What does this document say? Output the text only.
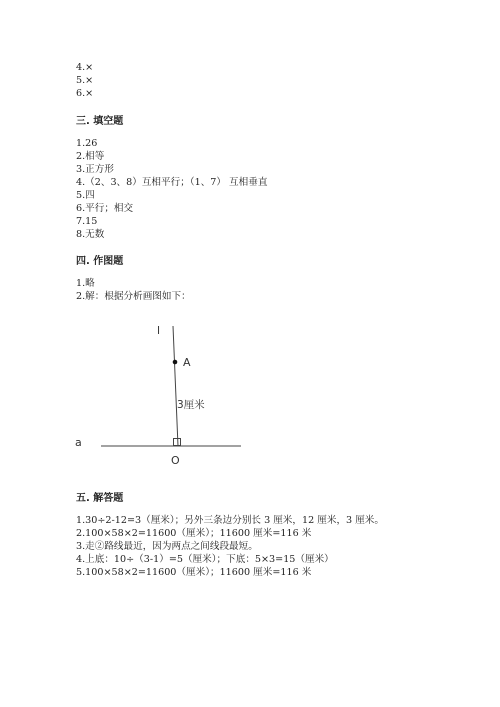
4.×
5.×
6.×
三. 填空题
1.26
2.相等
3.正方形
4.（2、3、8）互相平行；（1、7） 互相垂直
5.四
6.平行；相交
7.15
8.无数
四. 作图题
1.略
2.解：根据分析画图如下：
l
A
3厘米
a
O
五. 解答题
1.30÷2-12=3（厘米）；另外三条边分别长 3 厘米，12 厘米，3 厘米。
2.100×58×2=11600（厘米）；11600 厘米=116 米
3.走②路线最近，因为两点之间线段最短。
4.上底：10÷（3-1）=5（厘米）；下底：5×3=15（厘米）
5.100×58×2=11600（厘米）；11600 厘米=116 米
